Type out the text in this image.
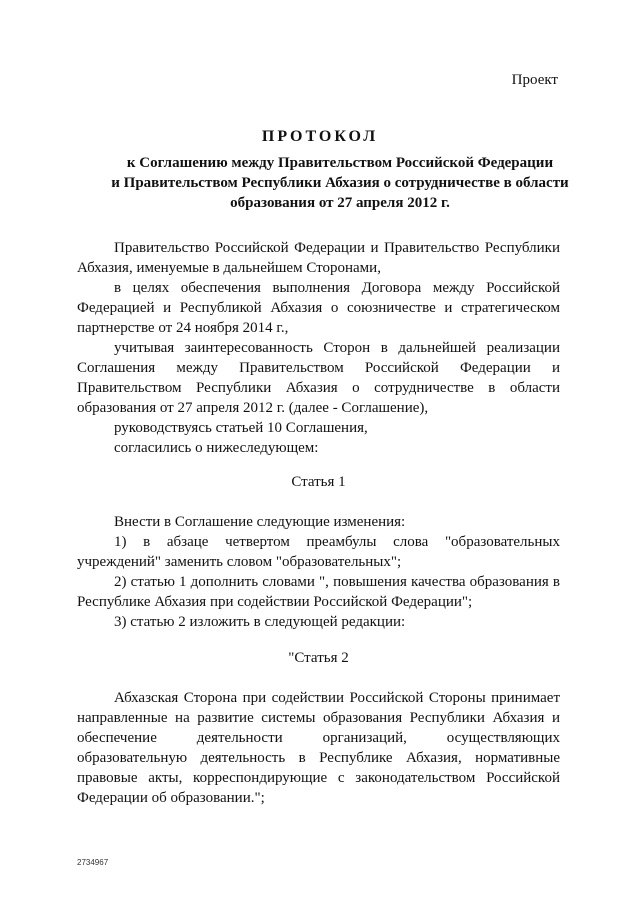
Проект
ПРОТОКОЛ
к Соглашению между Правительством Российской Федерации
и Правительством Республики Абхазия о сотрудничестве в области
образования от 27 апреля 2012 г.

Правительство Российской Федерации и Правительство Республики Абхазия, именуемые в дальнейшем Сторонами,

в целях обеспечения выполнения Договора между Российской Федерацией и Республикой Абхазия о союзничестве и стратегическом партнерстве от 24 ноября 2014 г.,

учитывая заинтересованность Сторон в дальнейшей реализации Соглашения между Правительством Российской Федерации и Правительством Республики Абхазия о сотрудничестве в области образования от 27 апреля 2012 г. (далее - Соглашение),

руководствуясь статьей 10 Соглашения,

согласились о нижеследующем:

Статья 1

Внести в Соглашение следующие изменения:

1) в абзаце четвертом преамбулы слова "образовательных учреждений" заменить словом "образовательных";

2) статью 1 дополнить словами ", повышения качества образования в Республике Абхазия при содействии Российской Федерации";

3) статью 2 изложить в следующей редакции:

"Статья 2

Абхазская Сторона при содействии Российской Стороны принимает направленные на развитие системы образования Республики Абхазия и обеспечение деятельности организаций, осуществляющих образовательную деятельность в Республике Абхазия, нормативные правовые акты, корреспондирующие с законодательством Российской Федерации об образовании.";

2734967
